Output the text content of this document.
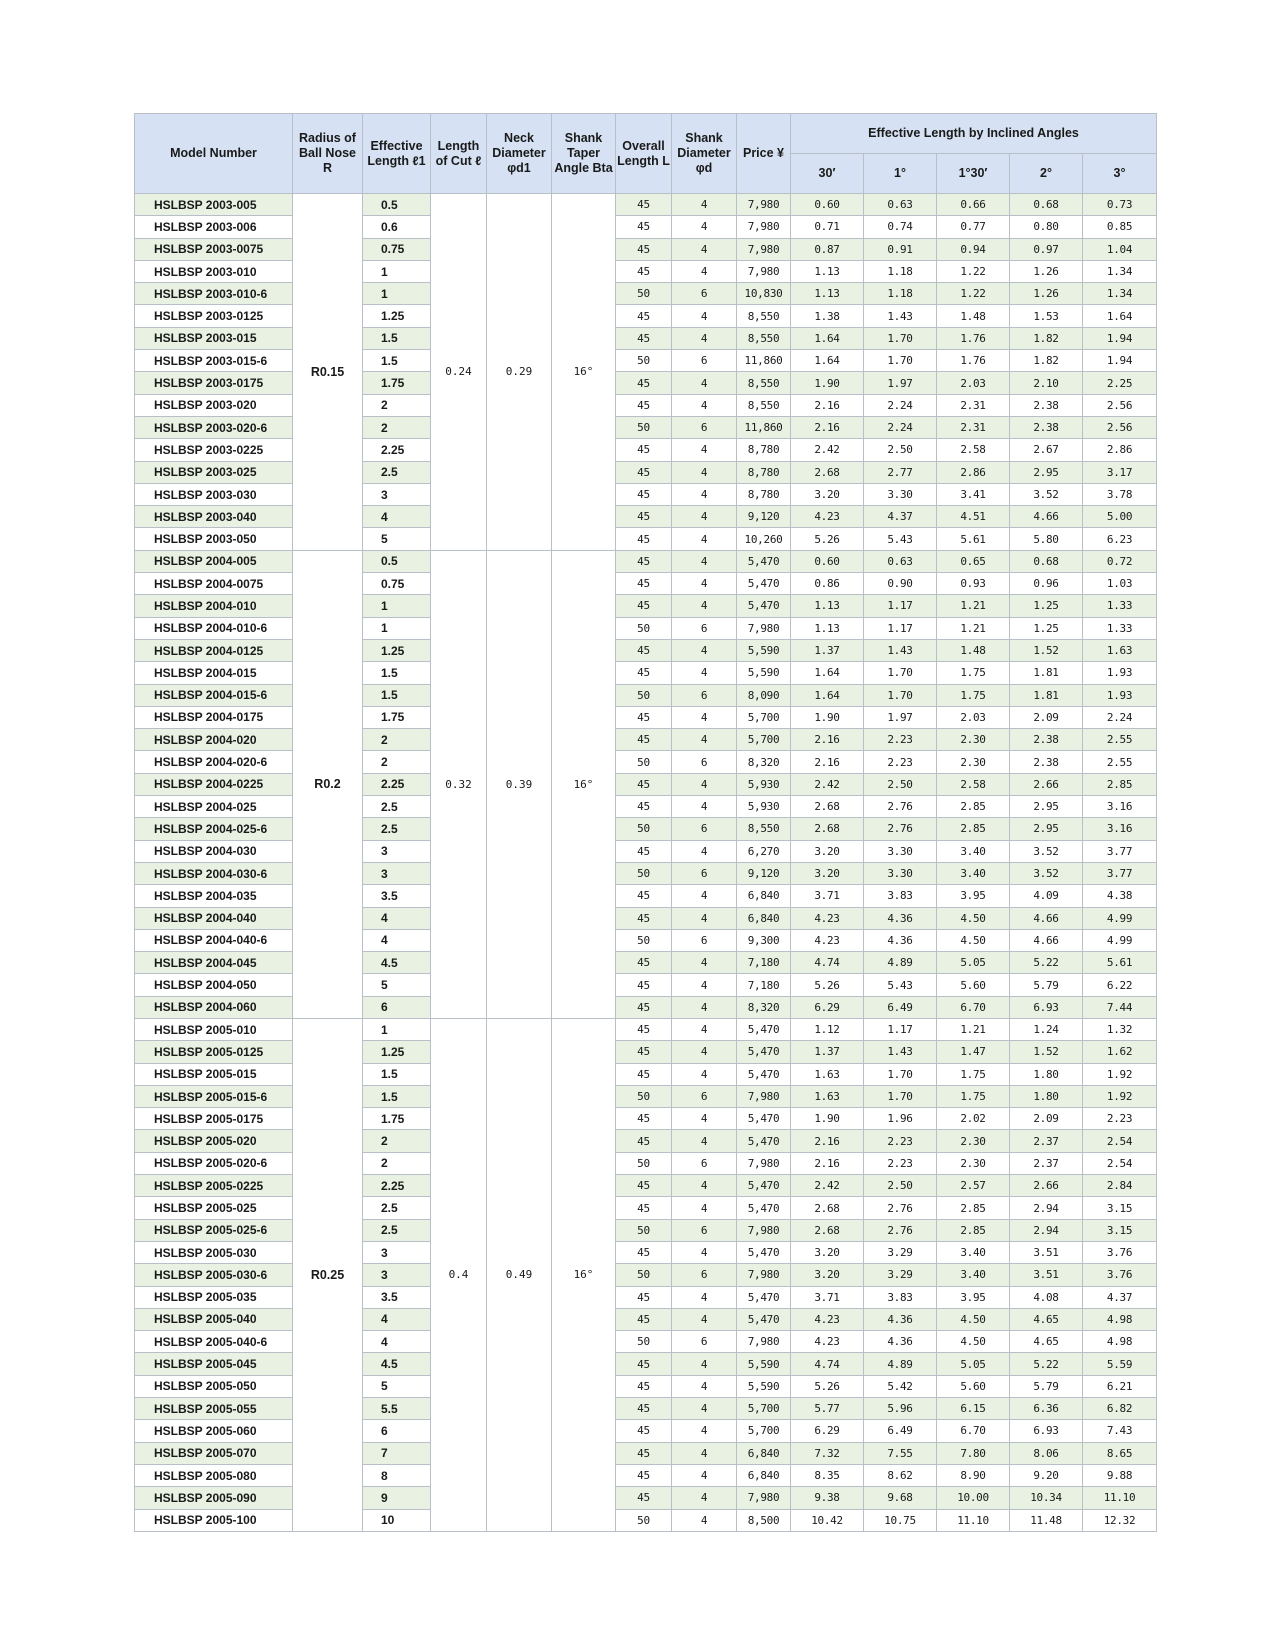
Model Number	Radius of Ball Nose R	Effective Length ℓ1	Length of Cut ℓ	Neck Diameter φd1	Shank Taper Angle Bta	Overall Length L	Shank Diameter φd	Price ¥	Effective Length by Inclined Angles				
									30′	1°	1°30′	2°	3°
HSLBSP 2003-005	R0.15	0.5	0.24	0.29	16°	45	4	7,980	0.60	0.63	0.66	0.68	0.73
HSLBSP 2003-006		0.6				45	4	7,980	0.71	0.74	0.77	0.80	0.85
HSLBSP 2003-0075		0.75				45	4	7,980	0.87	0.91	0.94	0.97	1.04
HSLBSP 2003-010		1				45	4	7,980	1.13	1.18	1.22	1.26	1.34
HSLBSP 2003-010-6		1				50	6	10,830	1.13	1.18	1.22	1.26	1.34
HSLBSP 2003-0125		1.25				45	4	8,550	1.38	1.43	1.48	1.53	1.64
HSLBSP 2003-015		1.5				45	4	8,550	1.64	1.70	1.76	1.82	1.94
HSLBSP 2003-015-6		1.5				50	6	11,860	1.64	1.70	1.76	1.82	1.94
HSLBSP 2003-0175		1.75				45	4	8,550	1.90	1.97	2.03	2.10	2.25
HSLBSP 2003-020		2				45	4	8,550	2.16	2.24	2.31	2.38	2.56
HSLBSP 2003-020-6		2				50	6	11,860	2.16	2.24	2.31	2.38	2.56
HSLBSP 2003-0225		2.25				45	4	8,780	2.42	2.50	2.58	2.67	2.86
HSLBSP 2003-025		2.5				45	4	8,780	2.68	2.77	2.86	2.95	3.17
HSLBSP 2003-030		3				45	4	8,780	3.20	3.30	3.41	3.52	3.78
HSLBSP 2003-040		4				45	4	9,120	4.23	4.37	4.51	4.66	5.00
HSLBSP 2003-050		5				45	4	10,260	5.26	5.43	5.61	5.80	6.23
HSLBSP 2004-005	R0.2	0.5	0.32	0.39	16°	45	4	5,470	0.60	0.63	0.65	0.68	0.72
HSLBSP 2004-0075		0.75				45	4	5,470	0.86	0.90	0.93	0.96	1.03
HSLBSP 2004-010		1				45	4	5,470	1.13	1.17	1.21	1.25	1.33
HSLBSP 2004-010-6		1				50	6	7,980	1.13	1.17	1.21	1.25	1.33
HSLBSP 2004-0125		1.25				45	4	5,590	1.37	1.43	1.48	1.52	1.63
HSLBSP 2004-015		1.5				45	4	5,590	1.64	1.70	1.75	1.81	1.93
HSLBSP 2004-015-6		1.5				50	6	8,090	1.64	1.70	1.75	1.81	1.93
HSLBSP 2004-0175		1.75				45	4	5,700	1.90	1.97	2.03	2.09	2.24
HSLBSP 2004-020		2				45	4	5,700	2.16	2.23	2.30	2.38	2.55
HSLBSP 2004-020-6		2				50	6	8,320	2.16	2.23	2.30	2.38	2.55
HSLBSP 2004-0225		2.25				45	4	5,930	2.42	2.50	2.58	2.66	2.85
HSLBSP 2004-025		2.5				45	4	5,930	2.68	2.76	2.85	2.95	3.16
HSLBSP 2004-025-6		2.5				50	6	8,550	2.68	2.76	2.85	2.95	3.16
HSLBSP 2004-030		3				45	4	6,270	3.20	3.30	3.40	3.52	3.77
HSLBSP 2004-030-6		3				50	6	9,120	3.20	3.30	3.40	3.52	3.77
HSLBSP 2004-035		3.5				45	4	6,840	3.71	3.83	3.95	4.09	4.38
HSLBSP 2004-040		4				45	4	6,840	4.23	4.36	4.50	4.66	4.99
HSLBSP 2004-040-6		4				50	6	9,300	4.23	4.36	4.50	4.66	4.99
HSLBSP 2004-045		4.5				45	4	7,180	4.74	4.89	5.05	5.22	5.61
HSLBSP 2004-050		5				45	4	7,180	5.26	5.43	5.60	5.79	6.22
HSLBSP 2004-060		6				45	4	8,320	6.29	6.49	6.70	6.93	7.44
HSLBSP 2005-010	R0.25	1	0.4	0.49	16°	45	4	5,470	1.12	1.17	1.21	1.24	1.32
HSLBSP 2005-0125		1.25				45	4	5,470	1.37	1.43	1.47	1.52	1.62
HSLBSP 2005-015		1.5				45	4	5,470	1.63	1.70	1.75	1.80	1.92
HSLBSP 2005-015-6		1.5				50	6	7,980	1.63	1.70	1.75	1.80	1.92
HSLBSP 2005-0175		1.75				45	4	5,470	1.90	1.96	2.02	2.09	2.23
HSLBSP 2005-020		2				45	4	5,470	2.16	2.23	2.30	2.37	2.54
HSLBSP 2005-020-6		2				50	6	7,980	2.16	2.23	2.30	2.37	2.54
HSLBSP 2005-0225		2.25				45	4	5,470	2.42	2.50	2.57	2.66	2.84
HSLBSP 2005-025		2.5				45	4	5,470	2.68	2.76	2.85	2.94	3.15
HSLBSP 2005-025-6		2.5				50	6	7,980	2.68	2.76	2.85	2.94	3.15
HSLBSP 2005-030		3				45	4	5,470	3.20	3.29	3.40	3.51	3.76
HSLBSP 2005-030-6		3				50	6	7,980	3.20	3.29	3.40	3.51	3.76
HSLBSP 2005-035		3.5				45	4	5,470	3.71	3.83	3.95	4.08	4.37
HSLBSP 2005-040		4				45	4	5,470	4.23	4.36	4.50	4.65	4.98
HSLBSP 2005-040-6		4				50	6	7,980	4.23	4.36	4.50	4.65	4.98
HSLBSP 2005-045		4.5				45	4	5,590	4.74	4.89	5.05	5.22	5.59
HSLBSP 2005-050		5				45	4	5,590	5.26	5.42	5.60	5.79	6.21
HSLBSP 2005-055		5.5				45	4	5,700	5.77	5.96	6.15	6.36	6.82
HSLBSP 2005-060		6				45	4	5,700	6.29	6.49	6.70	6.93	7.43
HSLBSP 2005-070		7				45	4	6,840	7.32	7.55	7.80	8.06	8.65
HSLBSP 2005-080		8				45	4	6,840	8.35	8.62	8.90	9.20	9.88
HSLBSP 2005-090		9				45	4	7,980	9.38	9.68	10.00	10.34	11.10
HSLBSP 2005-100		10				50	4	8,500	10.42	10.75	11.10	11.48	12.32
